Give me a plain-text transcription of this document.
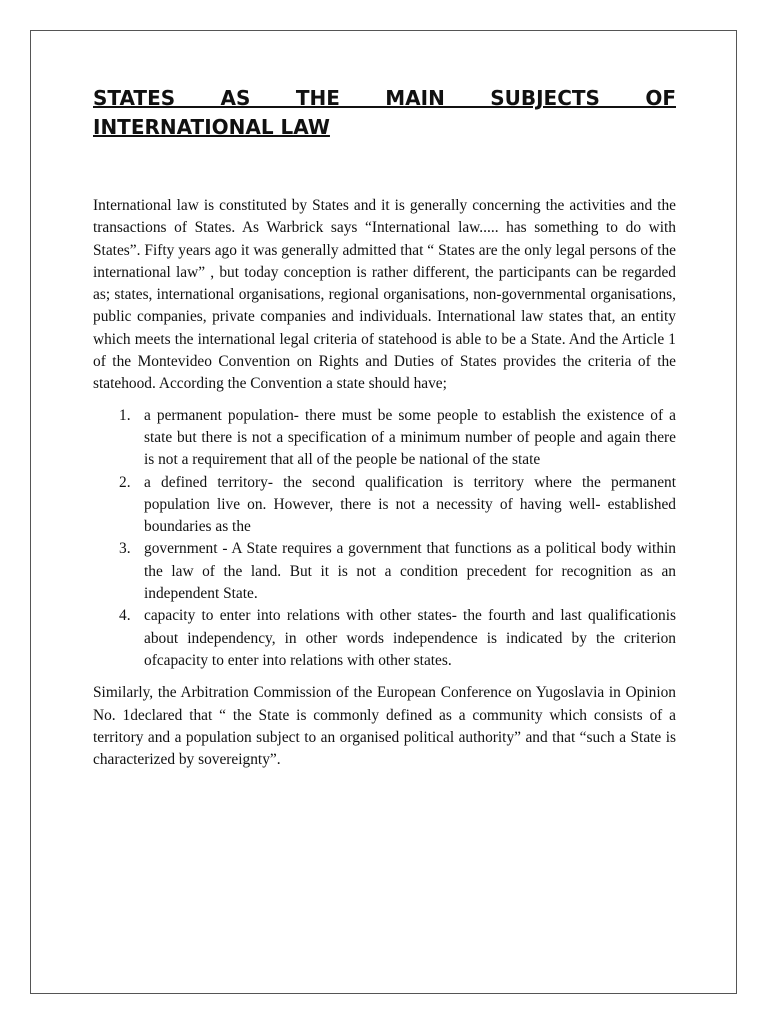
STATES AS THE MAIN SUBJECTS OF
INTERNATIONAL LAW

International law is constituted by States and it is generally concerning the activities and the transactions of States. As Warbrick says “International law..... has something to do with States”. Fifty years ago it was generally admitted that “ States are the only legal persons of the international law” , but today conception is rather different, the participants can be regarded as; states, international organisations, regional organisations, non-governmental organisations, public companies, private companies and individuals. International law states that, an entity which meets the international legal criteria of statehood is able to be a State. And the Article 1 of the Montevideo Convention on Rights and Duties of States provides the criteria of the statehood. According the Convention a state should have;

1. a permanent population- there must be some people to establish the existence of a state but there is not a specification of a minimum number of people and again there is not a requirement that all of the people be national of the state
2. a defined territory- the second qualification is territory where the permanent population live on. However, there is not a necessity of having well- established boundaries as the
3. government - A State requires a government that functions as a political body within the law of the land. But it is not a condition precedent for recognition as an independent State.
4. capacity to enter into relations with other states- the fourth and last qualificationis about independency, in other words independence is indicated by the criterion ofcapacity to enter into relations with other states.

Similarly, the Arbitration Commission of the European Conference on Yugoslavia in Opinion No. 1declared that “ the State is commonly defined as a community which consists of a territory and a population subject to an organised political authority” and that “such a State is characterized by sovereignty”.
